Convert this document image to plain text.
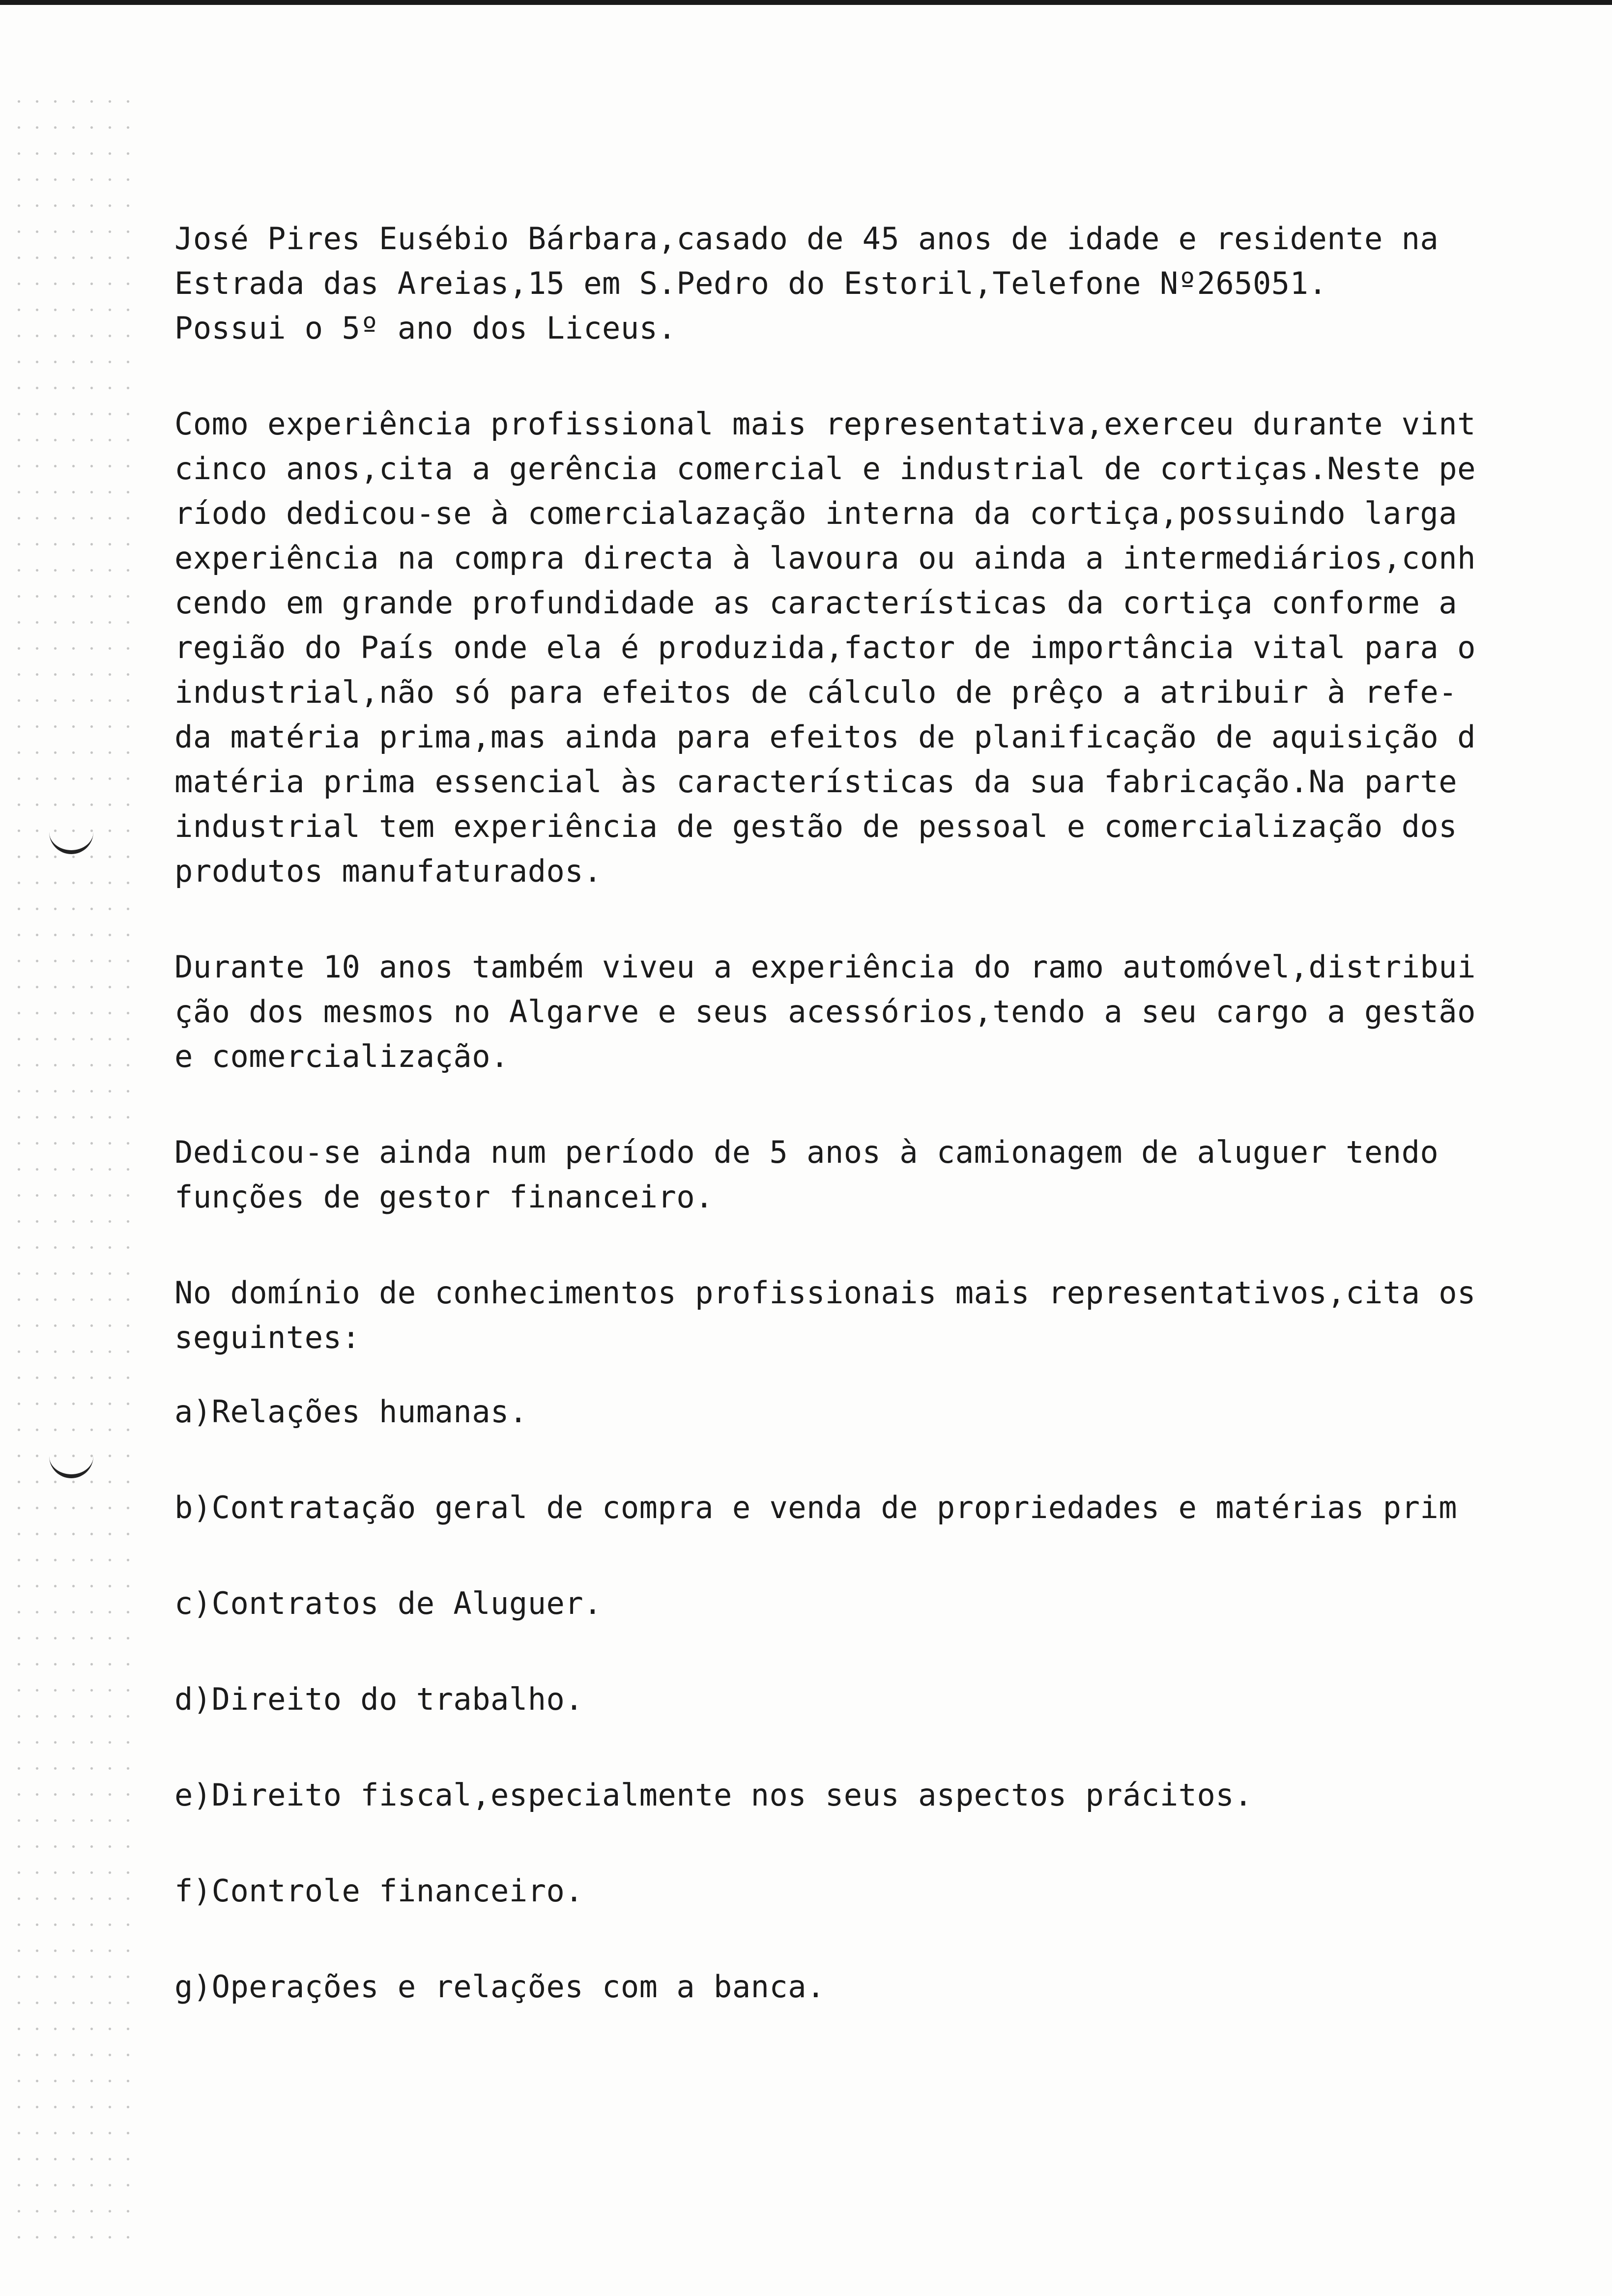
José Pires Eusébio Bárbara,casado de 45 anos de idade e residente na
Estrada das Areias,15 em S.Pedro do Estoril,Telefone Nº265051.
Possui o 5º ano dos Liceus.
Como experiência profissional mais representativa,exerceu durante vint
cinco anos,cita a gerência comercial e industrial de cortiças.Neste pe
ríodo dedicou-se à comercialazação interna da cortiça,possuindo larga
experiência na compra directa à lavoura ou ainda a intermediários,conh
cendo em grande profundidade as características da cortiça conforme a
região do País onde ela é produzida,factor de importância vital para o
industrial,não só para efeitos de cálculo de prêço a atribuir à refe-
da matéria prima,mas ainda para efeitos de planificação de aquisição d
matéria prima essencial às características da sua fabricação.Na parte
industrial tem experiência de gestão de pessoal e comercialização dos
produtos manufaturados.
Durante 10 anos também viveu a experiência do ramo automóvel,distribui
ção dos mesmos no Algarve e seus acessórios,tendo a seu cargo a gestão
e comercialização.
Dedicou-se ainda num período de 5 anos à camionagem de aluguer tendo
funções de gestor financeiro.
No domínio de conhecimentos profissionais mais representativos,cita os
seguintes:
a)Relações humanas.
b)Contratação geral de compra e venda de propriedades e matérias prim
c)Contratos de Aluguer.
d)Direito do trabalho.
e)Direito fiscal,especialmente nos seus aspectos prácitos.
f)Controle financeiro.
g)Operações e relações com a banca.
